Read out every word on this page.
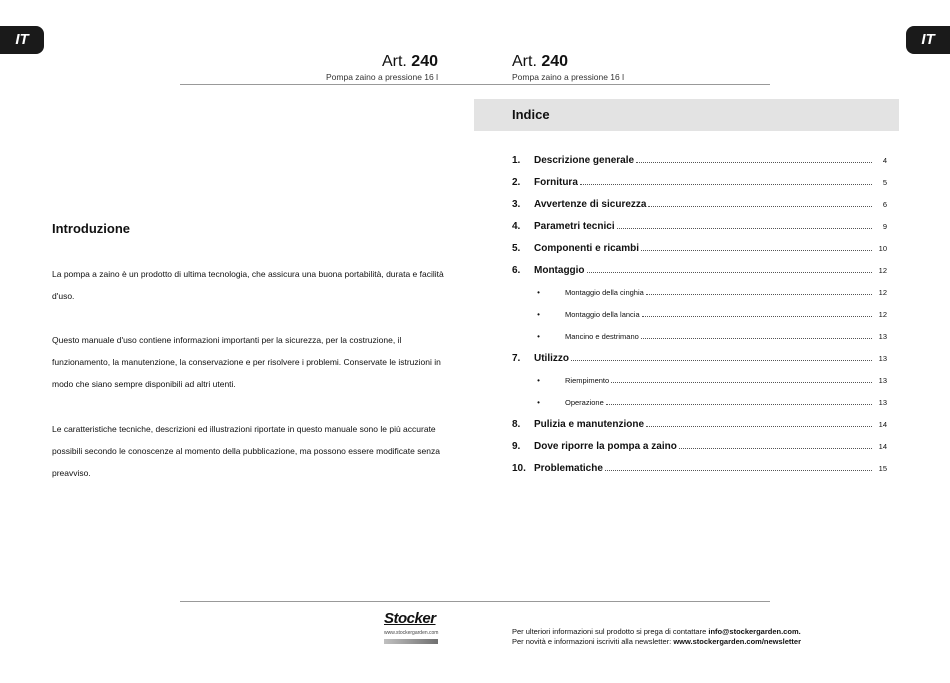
IT	IT
Art. 240
Pompa zaino a pressione 16 l
Art. 240
Pompa zaino a pressione 16 l
Introduzione
La pompa a zaino è un prodotto di ultima tecnologia, che assicura una buona portabilità, durata e facilità d'uso.
Questo manuale d'uso contiene informazioni importanti per la sicurezza, per la costruzione, il funzionamento, la manutenzione, la conservazione e per risolvere i problemi. Conservate le istruzioni in modo che siano sempre disponibili ad altri utenti.
Le caratteristiche tecniche, descrizioni ed illustrazioni riportate in questo manuale sono le più accurate possibili secondo le conoscenze al momento della pubblicazione, ma possono essere modificate senza preavviso.
Indice
1.	Descrizione generale	4
2.	Fornitura	5
3.	Avvertenze di sicurezza	6
4.	Parametri tecnici	9
5.	Componenti e ricambi	10
6.	Montaggio	12
•	Montaggio della cinghia	12
•	Montaggio della lancia	12
•	Mancino e destrimano	13
7.	Utilizzo	13
•	Riempimento	13
•	Operazione	13
8.	Pulizia e manutenzione	14
9.	Dove riporre la pompa a zaino	14
10. Problematiche	15
Stocker
www.stockergarden.com	Per ulteriori informazioni sul prodotto si prega di contattare info@stockergarden.com.
Per novità e informazioni iscriviti alla newsletter: www.stockergarden.com/newsletter
